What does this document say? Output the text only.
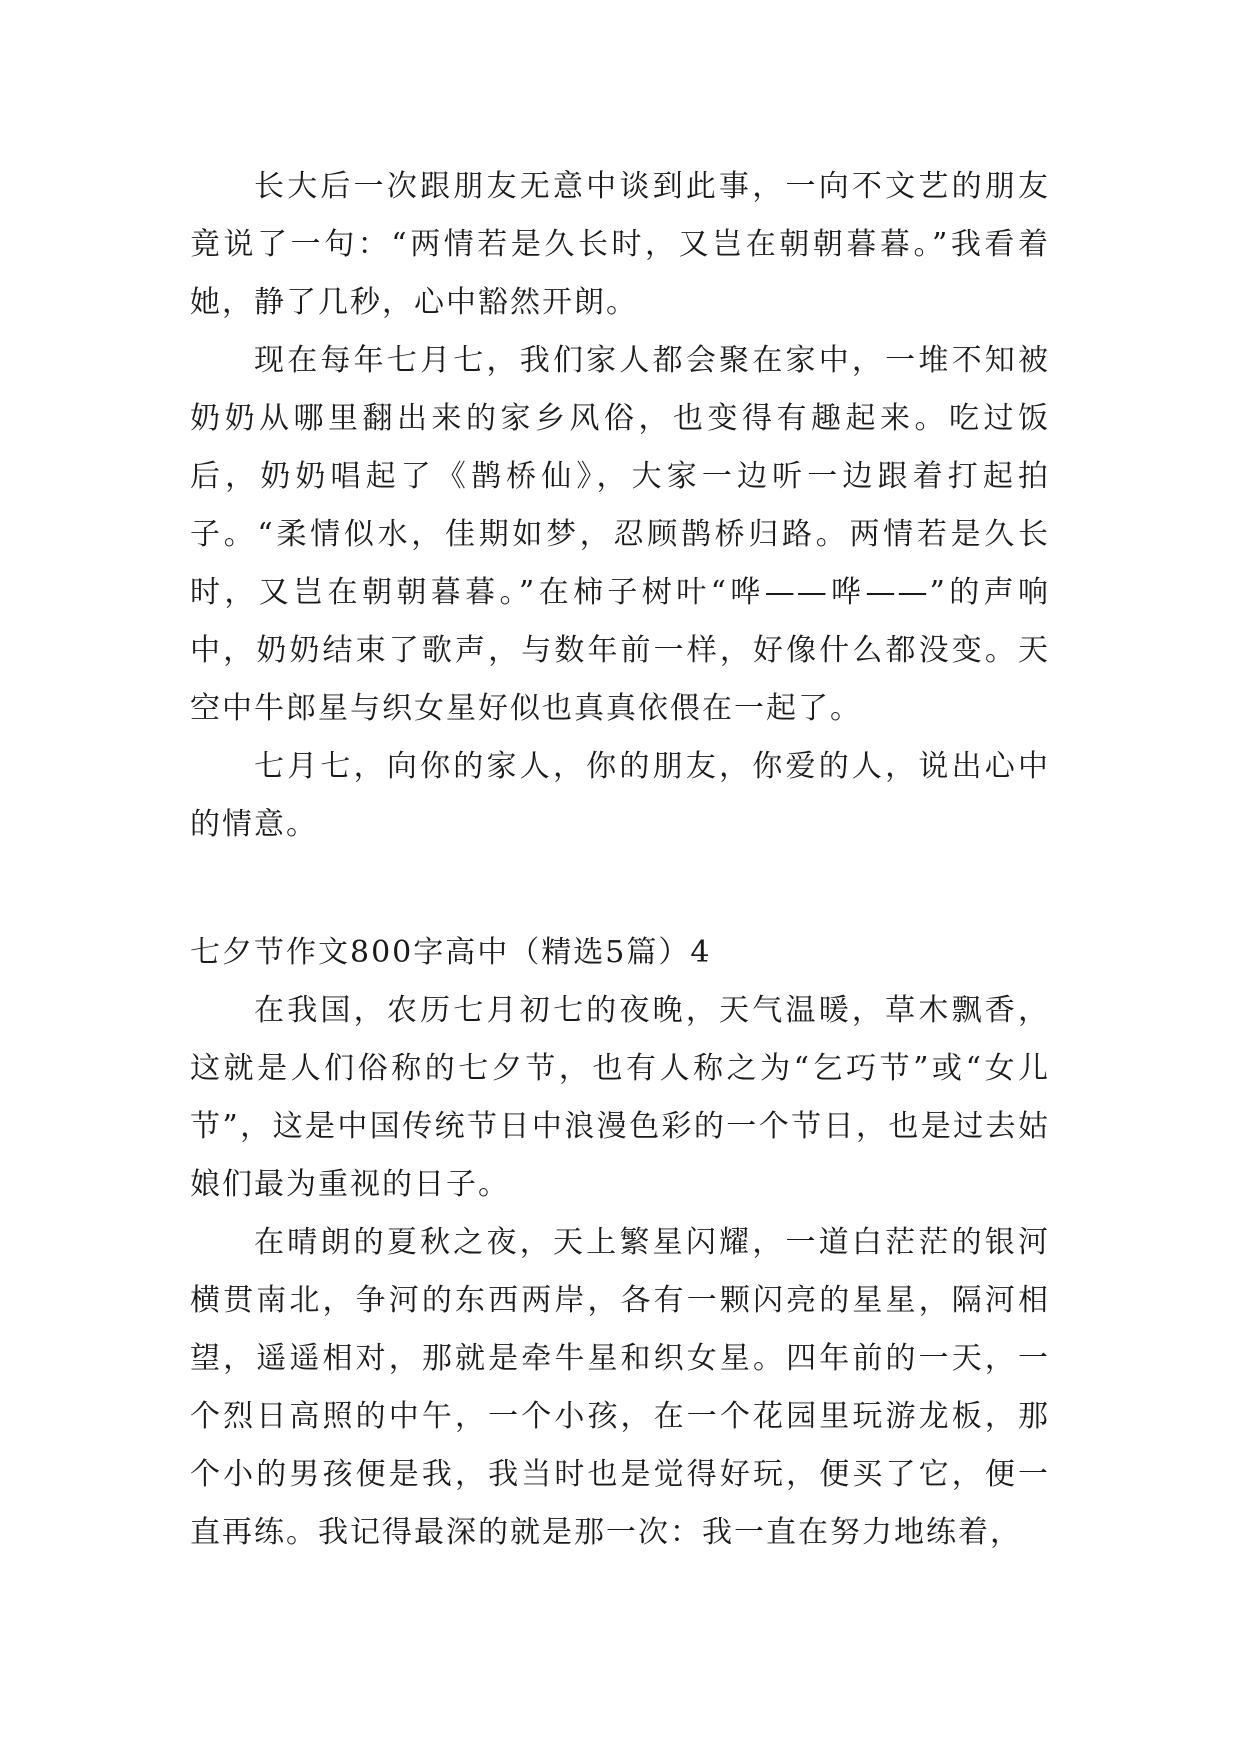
长大后一次跟朋友无意中谈到此事，一向不文艺的朋友竟说了一句：“两情若是久长时，又岂在朝朝暮暮。”我看着她，静了几秒，心中豁然开朗。

现在每年七月七，我们家人都会聚在家中，一堆不知被奶奶从哪里翻出来的家乡风俗，也变得有趣起来。吃过饭后，奶奶唱起了《鹊桥仙》，大家一边听一边跟着打起拍子。“柔情似水，佳期如梦，忍顾鹊桥归路。两情若是久长时，又岂在朝朝暮暮。”在柿子树叶“哗——哗——”的声响中，奶奶结束了歌声，与数年前一样，好像什么都没变。天空中牛郎星与织女星好似也真真依偎在一起了。

七月七，向你的家人，你的朋友，你爱的人，说出心中的情意。

七夕节作文800字高中（精选5篇）4

在我国，农历七月初七的夜晚，天气温暖，草木飘香，这就是人们俗称的七夕节，也有人称之为“乞巧节”或“女儿节”，这是中国传统节日中浪漫色彩的一个节日，也是过去姑娘们最为重视的日子。

在晴朗的夏秋之夜，天上繁星闪耀，一道白茫茫的银河横贯南北，争河的东西两岸，各有一颗闪亮的星星，隔河相望，遥遥相对，那就是牵牛星和织女星。四年前的一天，一个烈日高照的中午，一个小孩，在一个花园里玩游龙板，那个小的男孩便是我，我当时也是觉得好玩，便买了它，便一直再练。我记得最深的就是那一次：我一直在努力地练着，
